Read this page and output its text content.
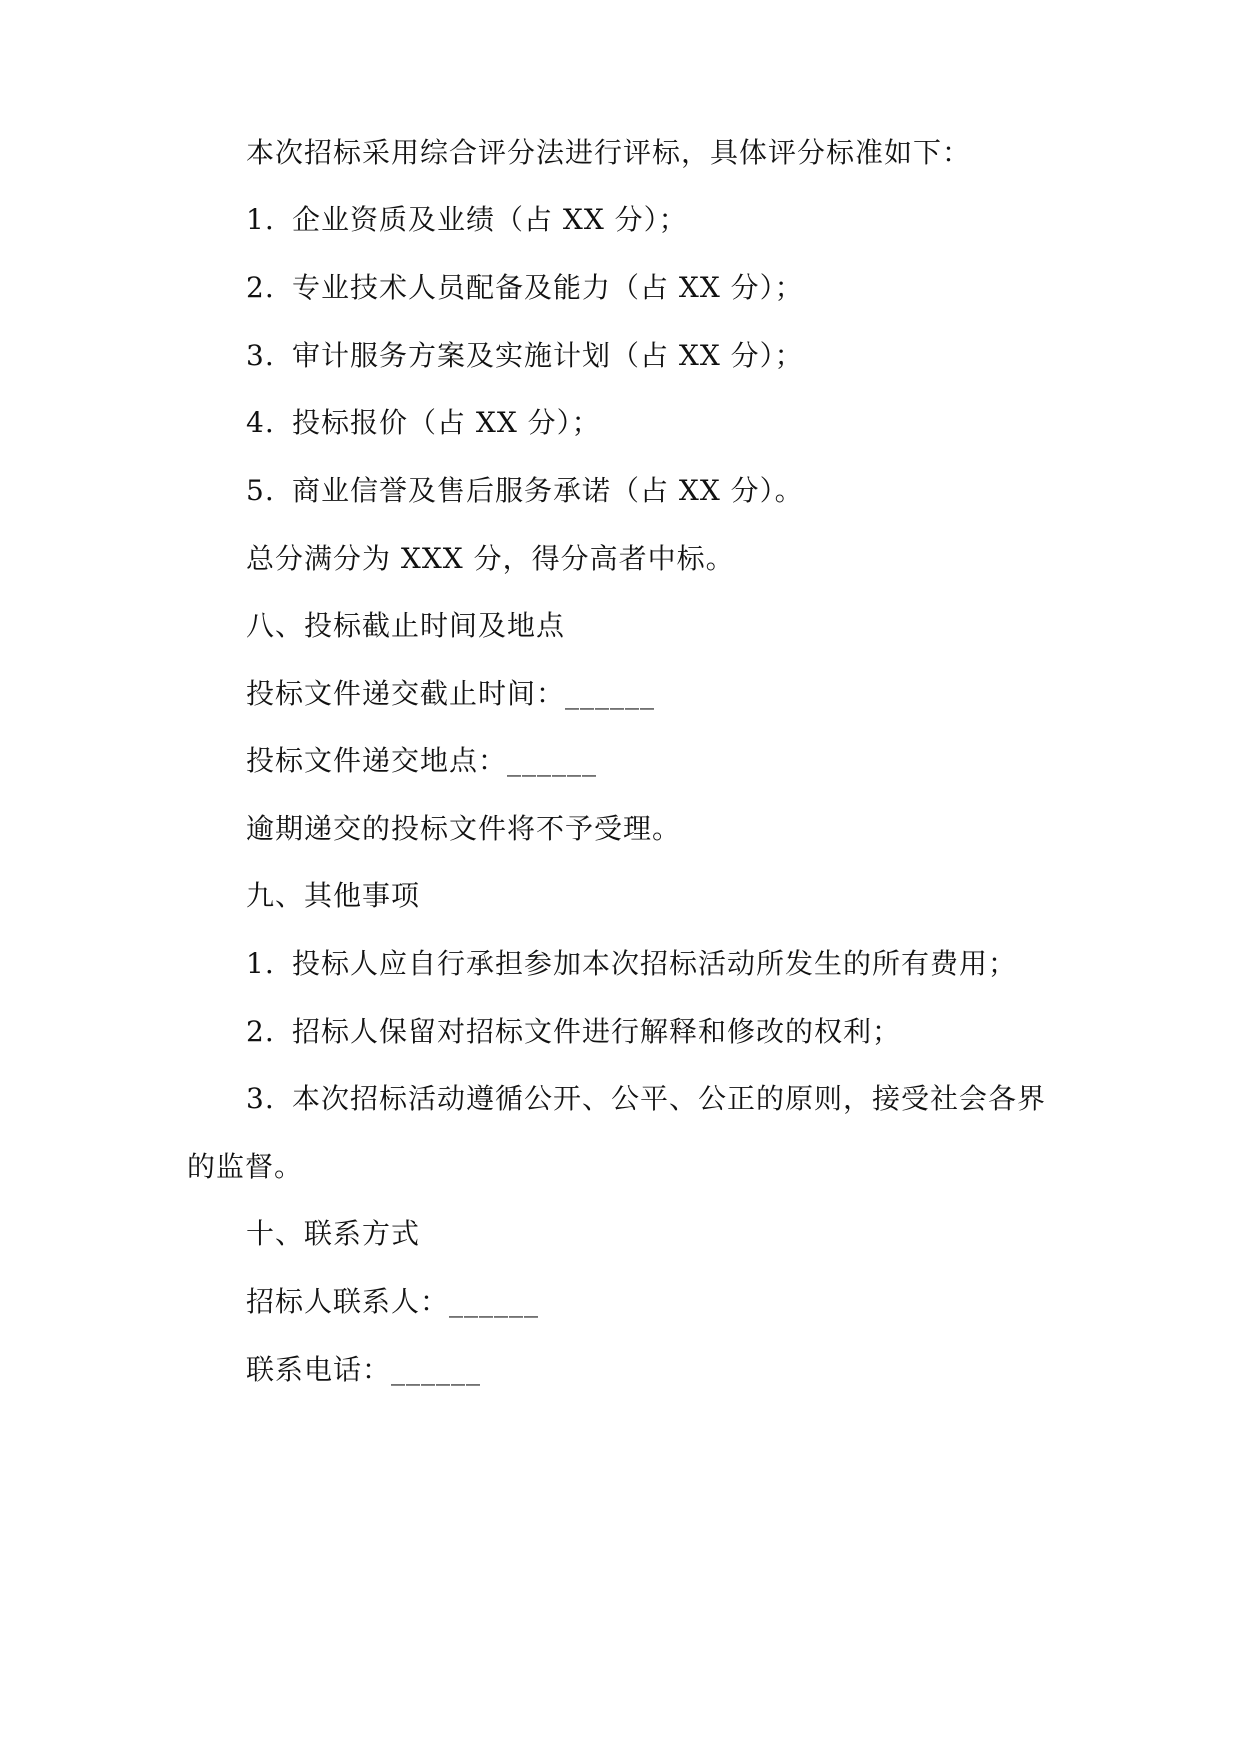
本次招标采用综合评分法进行评标，具体评分标准如下：
1. 企业资质及业绩（占 XX 分）；
2. 专业技术人员配备及能力（占 XX 分）；
3. 审计服务方案及实施计划（占 XX 分）；
4. 投标报价（占 XX 分）；
5. 商业信誉及售后服务承诺（占 XX 分）。
总分满分为 XXX 分，得分高者中标。
八、投标截止时间及地点
投标文件递交截止时间：______
投标文件递交地点：______
逾期递交的投标文件将不予受理。
九、其他事项
1. 投标人应自行承担参加本次招标活动所发生的所有费用；
2. 招标人保留对招标文件进行解释和修改的权利；
3. 本次招标活动遵循公开、公平、公正的原则，接受社会各界
的监督。
十、联系方式
招标人联系人：______
联系电话：______
